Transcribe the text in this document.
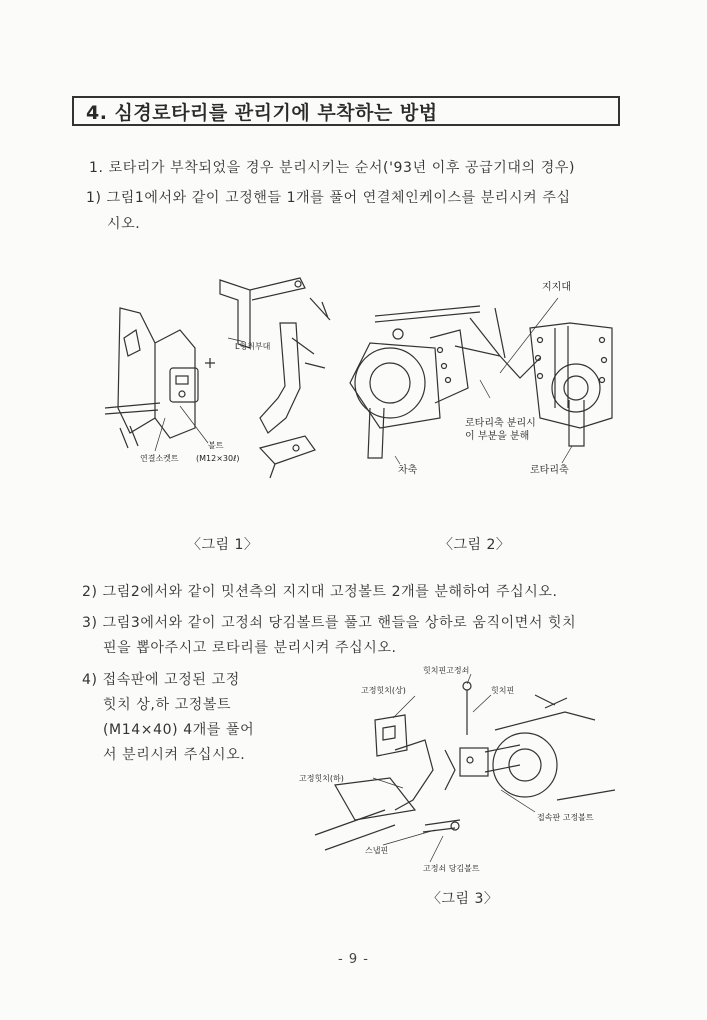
4. 심경로타리를 관리기에 부착하는 방법
1. 로타리가 부착되었을 경우 분리시키는 순서('93년 이후 공급기대의 경우)
1) 그림1에서와 같이 고정핸들 1개를 풀어 연결체인케이스를 분리시켜 주십
시오.
L형취부대
볼트
(M12×30ℓ)
연결소켓트
지지대
로타리축 분리시
이 부분을 분해
차축	로타리축
〈그림 1〉	〈그림 2〉
2) 그림2에서와 같이 밋션측의 지지대 고정볼트 2개를 분해하여 주십시오.
3) 그림3에서와 같이 고정쇠 당김볼트를 풀고 핸들을 상하로 움직이면서 힛치
핀을 뽑아주시고 로타리를 분리시켜 주십시오.
4) 접속판에 고정된 고정
힛치 상,하 고정볼트
(M14×40) 4개를 풀어
서 분리시켜 주십시오.
힛치핀고정쇠
고정힛치(상)	힛치핀
고정힛치(하)
접속판 고정볼트
스냅핀
고정쇠 당김볼트
〈그림 3〉
- 9 -
